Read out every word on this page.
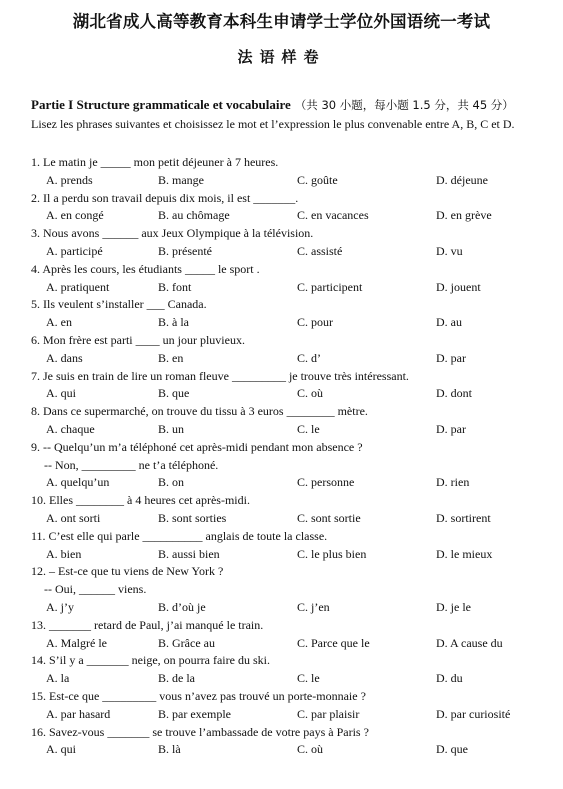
湖北省成人高等教育本科生申请学士学位外国语统一考试
法语样卷
Partie I Structure grammaticale et vocabulaire （共 30 小题，每小题 1.5 分，共 45 分）
Lisez les phrases suivantes et choisissez le mot et l’expression le plus convenable entre A, B, C et D.
1. Le matin je _____ mon petit déjeuner à 7 heures.
A. prends	B. mange	C. goûte	D. déjeune
2. Il a perdu son travail depuis dix mois, il est _______.
A. en congé	B. au chômage	C. en vacances	D. en grève
3. Nous avons ______ aux Jeux Olympique à la télévision.
A. participé	B. présenté	C. assisté	D. vu
4. Après les cours, les étudiants _____ le sport .
A. pratiquent	B. font	C. participent	D. jouent
5. Ils veulent s’installer ___ Canada.
A. en	B. à la	C. pour	D. au
6. Mon frère est parti ____ un jour pluvieux.
A. dans	B. en	C. d’	D. par
7. Je suis en train de lire un roman fleuve _________ je trouve très intéressant.
A. qui	B. que	C. où	D. dont
8. Dans ce supermarché, on trouve du tissu à 3 euros ________ mètre.
A. chaque	B. un	C. le	D. par
9. -- Quelqu’un m’a téléphoné cet après-midi pendant mon absence ?
-- Non, _________ ne t’a téléphoné.
A. quelqu’un	B. on	C. personne	D. rien
10. Elles ________ à 4 heures cet après-midi.
A. ont sorti	B. sont sorties	C. sont sortie	D. sortirent
11. C’est elle qui parle __________ anglais de toute la classe.
A. bien	B. aussi bien	C. le plus bien	D. le mieux
12. – Est-ce que tu viens de New York ?
-- Oui, ______ viens.
A. j’y	B. d’où je	C. j’en	D. je le
13. _______ retard de Paul, j’ai manqué le train.
A. Malgré le	B. Grâce au	C. Parce que le	D. A cause du
14. S’il y a _______ neige, on pourra faire du ski.
A. la	B. de la	C. le	D. du
15. Est-ce que _________ vous n’avez pas trouvé un porte-monnaie ?
A. par hasard	B. par exemple	C. par plaisir	D. par curiosité
16. Savez-vous _______ se trouve l’ambassade de votre pays à Paris ?
A. qui	B. là	C. où	D. que
